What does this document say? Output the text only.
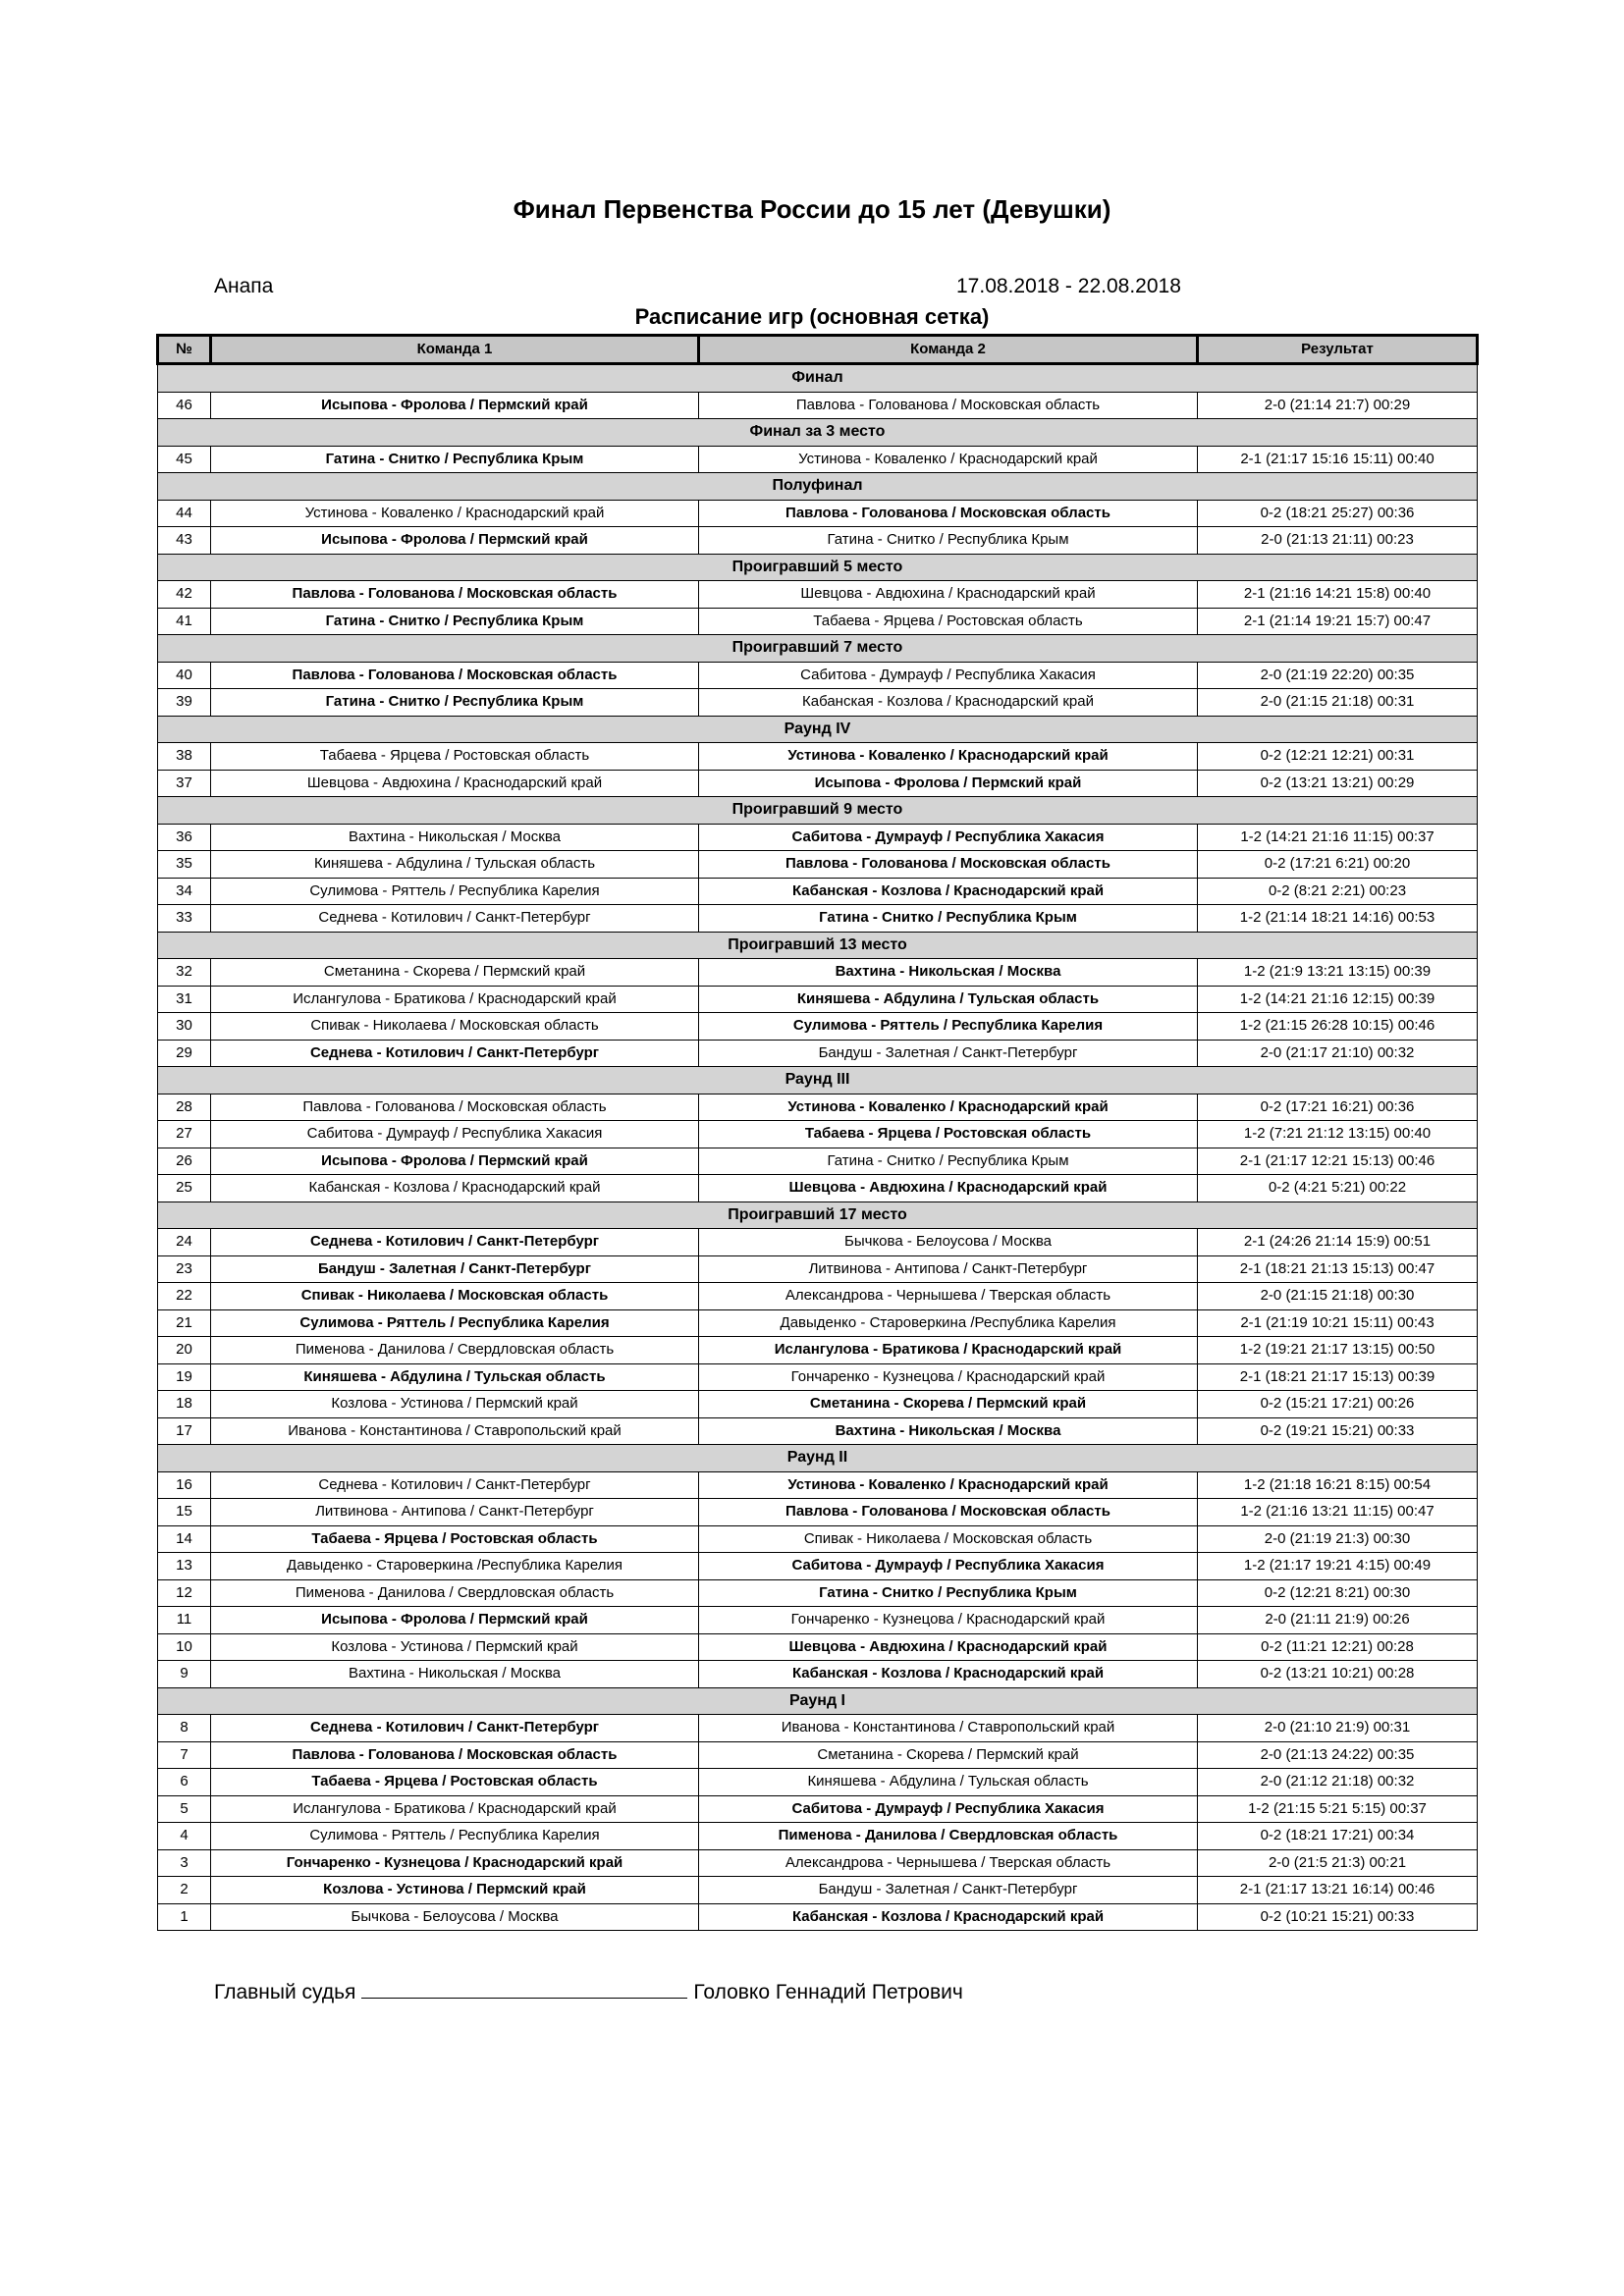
Финал Первенства России до 15 лет (Девушки)
Анапа	17.08.2018 - 22.08.2018
Расписание игр (основная сетка)
№	Команда 1	Команда 2	Результат

Финал			
46	Исыпова - Фролова / Пермский край	Павлова - Голованова / Московская область	2-0 (21:14 21:7) 00:29
Финал за 3 место			
45	Гатина - Снитко / Республика Крым	Устинова - Коваленко / Краснодарский край	2-1 (21:17 15:16 15:11) 00:40
Полуфинал			
44	Устинова - Коваленко / Краснодарский край	Павлова - Голованова / Московская область	0-2 (18:21 25:27) 00:36
43	Исыпова - Фролова / Пермский край	Гатина - Снитко / Республика Крым	2-0 (21:13 21:11) 00:23
Проигравший 5 место			
42	Павлова - Голованова / Московская область	Шевцова - Авдюхина / Краснодарский край	2-1 (21:16 14:21 15:8) 00:40
41	Гатина - Снитко / Республика Крым	Табаева - Ярцева / Ростовская область	2-1 (21:14 19:21 15:7) 00:47
Проигравший 7 место			
40	Павлова - Голованова / Московская область	Сабитова - Думрауф / Республика Хакасия	2-0 (21:19 22:20) 00:35
39	Гатина - Снитко / Республика Крым	Кабанская - Козлова / Краснодарский край	2-0 (21:15 21:18) 00:31
Раунд IV			
38	Табаева - Ярцева / Ростовская область	Устинова - Коваленко / Краснодарский край	0-2 (12:21 12:21) 00:31
37	Шевцова - Авдюхина / Краснодарский край	Исыпова - Фролова / Пермский край	0-2 (13:21 13:21) 00:29
Проигравший 9 место			
36	Вахтина - Никольская / Москва	Сабитова - Думрауф / Республика Хакасия	1-2 (14:21 21:16 11:15) 00:37
35	Киняшева - Абдулина / Тульская область	Павлова - Голованова / Московская область	0-2 (17:21 6:21) 00:20
34	Сулимова - Ряттель / Республика Карелия	Кабанская - Козлова / Краснодарский край	0-2 (8:21 2:21) 00:23
33	Седнева - Котилович / Санкт-Петербург	Гатина - Снитко / Республика Крым	1-2 (21:14 18:21 14:16) 00:53
Проигравший 13 место			
32	Сметанина - Скорева / Пермский край	Вахтина - Никольская / Москва	1-2 (21:9 13:21 13:15) 00:39
31	Ислангулова - Братикова / Краснодарский край	Киняшева - Абдулина / Тульская область	1-2 (14:21 21:16 12:15) 00:39
30	Спивак - Николаева / Московская область	Сулимова - Ряттель / Республика Карелия	1-2 (21:15 26:28 10:15) 00:46
29	Седнева - Котилович / Санкт-Петербург	Бандуш - Залетная / Санкт-Петербург	2-0 (21:17 21:10) 00:32
Раунд III			
28	Павлова - Голованова / Московская область	Устинова - Коваленко / Краснодарский край	0-2 (17:21 16:21) 00:36
27	Сабитова - Думрауф / Республика Хакасия	Табаева - Ярцева / Ростовская область	1-2 (7:21 21:12 13:15) 00:40
26	Исыпова - Фролова / Пермский край	Гатина - Снитко / Республика Крым	2-1 (21:17 12:21 15:13) 00:46
25	Кабанская - Козлова / Краснодарский край	Шевцова - Авдюхина / Краснодарский край	0-2 (4:21 5:21) 00:22
Проигравший 17 место			
24	Седнева - Котилович / Санкт-Петербург	Бычкова - Белоусова / Москва	2-1 (24:26 21:14 15:9) 00:51
23	Бандуш - Залетная / Санкт-Петербург	Литвинова - Антипова / Санкт-Петербург	2-1 (18:21 21:13 15:13) 00:47
22	Спивак - Николаева / Московская область	Александрова - Чернышева / Тверская область	2-0 (21:15 21:18) 00:30
21	Сулимова - Ряттель / Республика Карелия	Давыденко - Староверкина /Республика Карелия	2-1 (21:19 10:21 15:11) 00:43
20	Пименова - Данилова / Свердловская область	Ислангулова - Братикова / Краснодарский край	1-2 (19:21 21:17 13:15) 00:50
19	Киняшева - Абдулина / Тульская область	Гончаренко - Кузнецова / Краснодарский край	2-1 (18:21 21:17 15:13) 00:39
18	Козлова - Устинова / Пермский край	Сметанина - Скорева / Пермский край	0-2 (15:21 17:21) 00:26
17	Иванова - Константинова / Ставропольский край	Вахтина - Никольская / Москва	0-2 (19:21 15:21) 00:33
Раунд II			
16	Седнева - Котилович / Санкт-Петербург	Устинова - Коваленко / Краснодарский край	1-2 (21:18 16:21 8:15) 00:54
15	Литвинова - Антипова / Санкт-Петербург	Павлова - Голованова / Московская область	1-2 (21:16 13:21 11:15) 00:47
14	Табаева - Ярцева / Ростовская область	Спивак - Николаева / Московская область	2-0 (21:19 21:3) 00:30
13	Давыденко - Староверкина /Республика Карелия	Сабитова - Думрауф / Республика Хакасия	1-2 (21:17 19:21 4:15) 00:49
12	Пименова - Данилова / Свердловская область	Гатина - Снитко / Республика Крым	0-2 (12:21 8:21) 00:30
11	Исыпова - Фролова / Пермский край	Гончаренко - Кузнецова / Краснодарский край	2-0 (21:11 21:9) 00:26
10	Козлова - Устинова / Пермский край	Шевцова - Авдюхина / Краснодарский край	0-2 (11:21 12:21) 00:28
9	Вахтина - Никольская / Москва	Кабанская - Козлова / Краснодарский край	0-2 (13:21 10:21) 00:28
Раунд I			
8	Седнева - Котилович / Санкт-Петербург	Иванова - Константинова / Ставропольский край	2-0 (21:10 21:9) 00:31
7	Павлова - Голованова / Московская область	Сметанина - Скорева / Пермский край	2-0 (21:13 24:22) 00:35
6	Табаева - Ярцева / Ростовская область	Киняшева - Абдулина / Тульская область	2-0 (21:12 21:18) 00:32
5	Ислангулова - Братикова / Краснодарский край	Сабитова - Думрауф / Республика Хакасия	1-2 (21:15 5:21 5:15) 00:37
4	Сулимова - Ряттель / Республика Карелия	Пименова - Данилова / Свердловская область	0-2 (18:21 17:21) 00:34
3	Гончаренко - Кузнецова / Краснодарский край	Александрова - Чернышева / Тверская область	2-0 (21:5 21:3) 00:21
2	Козлова - Устинова / Пермский край	Бандуш - Залетная / Санкт-Петербург	2-1 (21:17 13:21 16:14) 00:46
1	Бычкова - Белоусова / Москва	Кабанская - Козлова / Краснодарский край	0-2 (10:21 15:21) 00:33
Главный судья	Головко Геннадий Петрович
